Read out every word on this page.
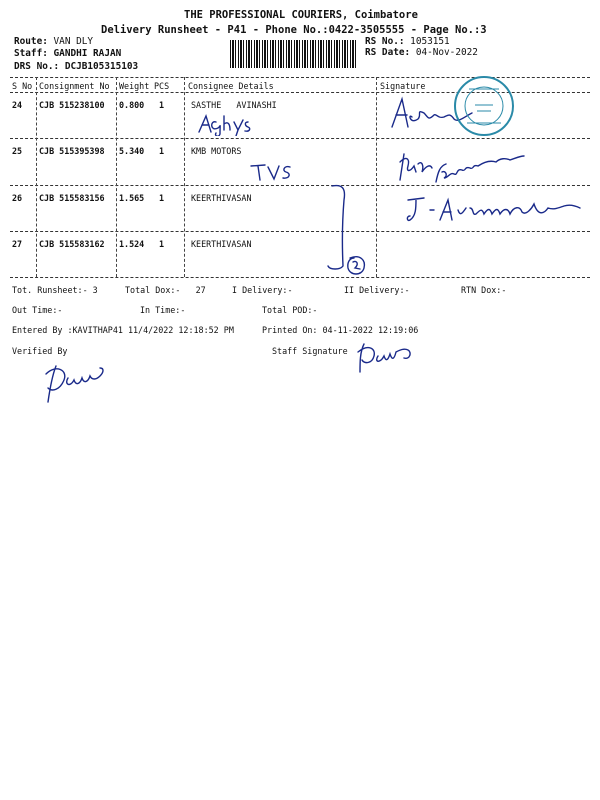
THE PROFESSIONAL COURIERS, Coimbatore
Delivery Runsheet - P41 - Phone No.:0422-3505555 - Page No.:3
Route: VAN DLY
Staff: GANDHI RAJAN
DRS No.: DCJB105315103
RS No.: 1053151
RS Date: 04-Nov-2022
S No Consignment No Weight PCS Consignee Details	Signature
24 CJB 515238100 0.800 1	SASTHE   AVINASHI
25 CJB 515395398 5.340 1	KMB MOTORS
26 CJB 515583156 1.565 1	KEERTHIVASAN
27 CJB 515583162 1.524 1	KEERTHIVASAN
Tot. Runsheet:- 3	Total Dox:-   27	I Delivery:-	II Delivery:-	RTN Dox:-
Out Time:-	In Time:-	Total POD:-
Entered By :KAVITHAP41 11/4/2022 12:18:52 PM	Printed On: 04-11-2022 12:19:06
Verified By	Staff Signature
